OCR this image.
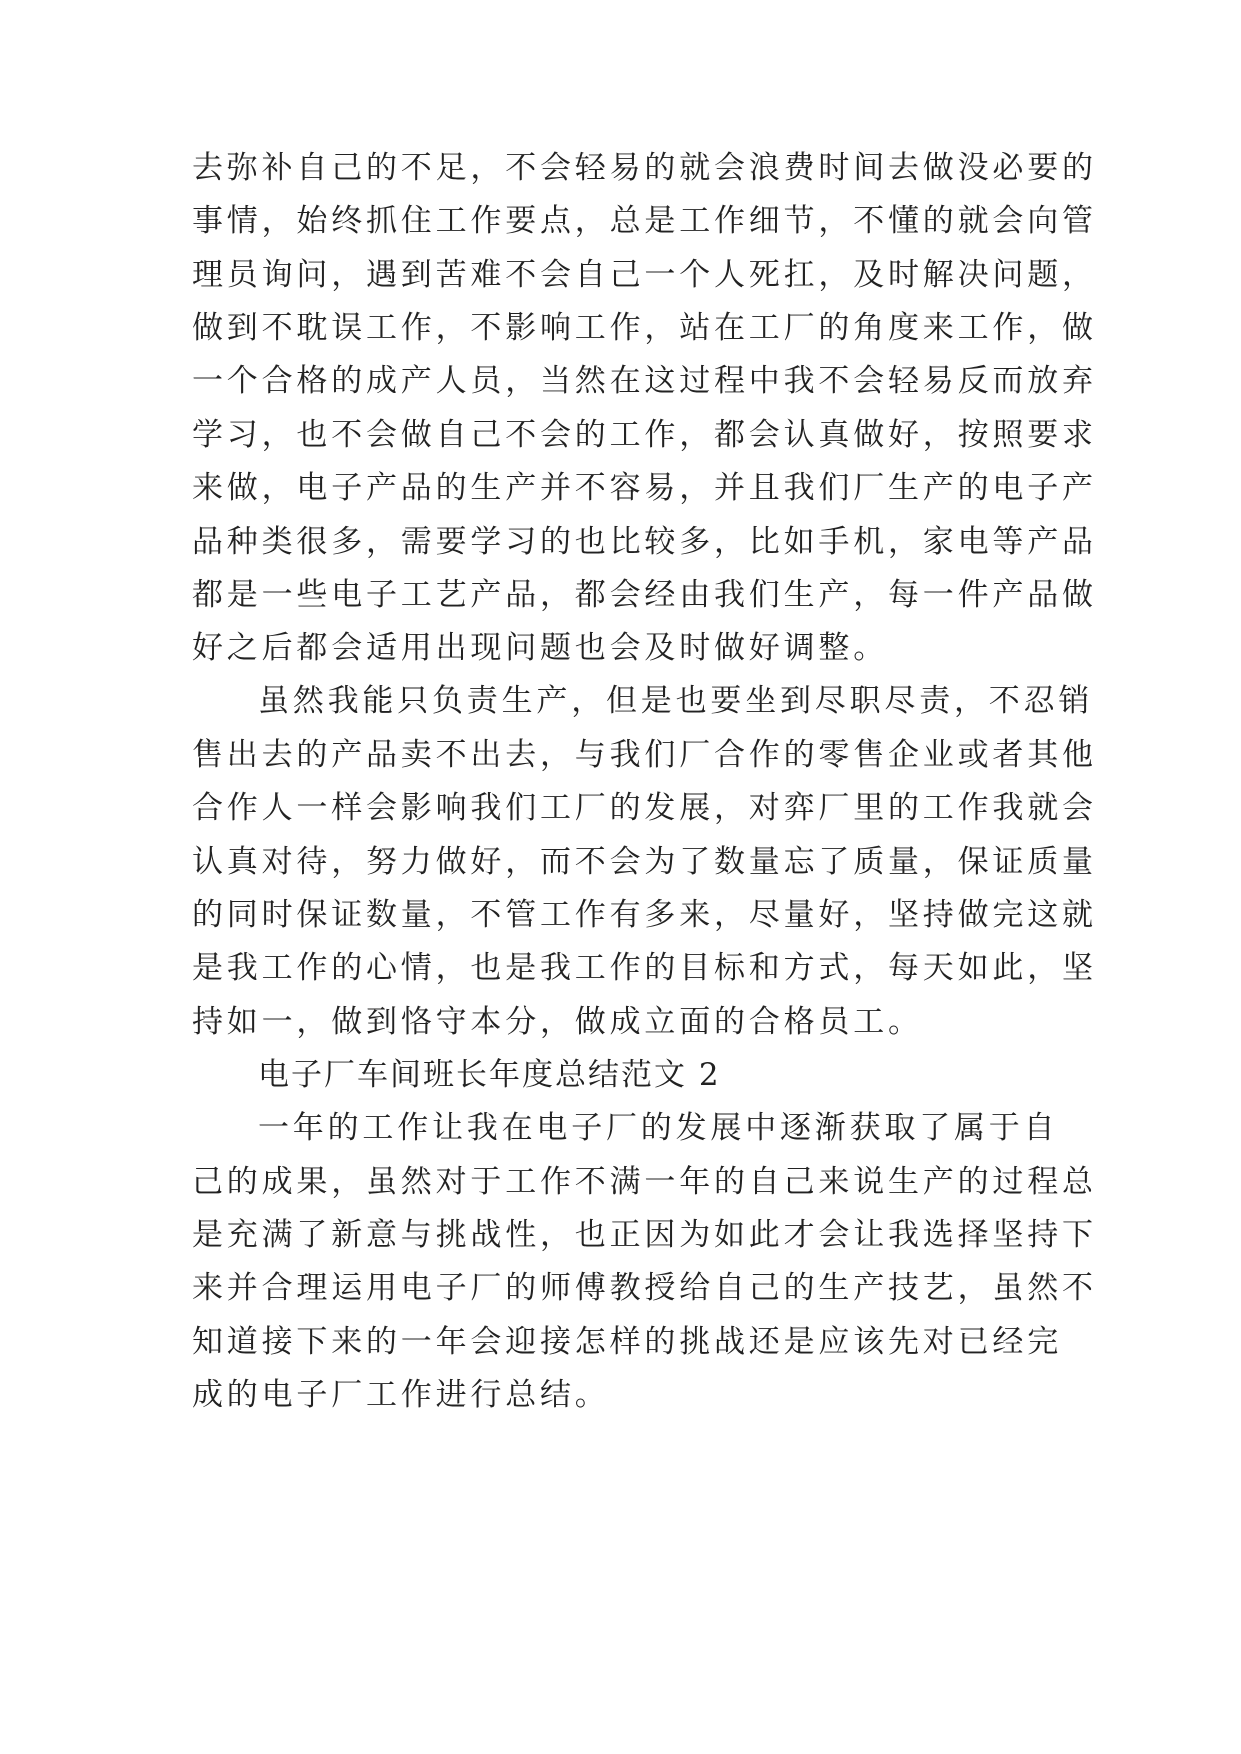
去弥补自己的不足，不会轻易的就会浪费时间去做没必要的
事情，始终抓住工作要点，总是工作细节，不懂的就会向管
理员询问，遇到苦难不会自己一个人死扛，及时解决问题，
做到不耽误工作，不影响工作，站在工厂的角度来工作，做
一个合格的成产人员，当然在这过程中我不会轻易反而放弃
学习，也不会做自己不会的工作，都会认真做好，按照要求
来做，电子产品的生产并不容易，并且我们厂生产的电子产
品种类很多，需要学习的也比较多，比如手机，家电等产品
都是一些电子工艺产品，都会经由我们生产，每一件产品做
好之后都会适用出现问题也会及时做好调整。
虽然我能只负责生产，但是也要坐到尽职尽责，不忍销
售出去的产品卖不出去，与我们厂合作的零售企业或者其他
合作人一样会影响我们工厂的发展，对弈厂里的工作我就会
认真对待，努力做好，而不会为了数量忘了质量，保证质量
的同时保证数量，不管工作有多来，尽量好，坚持做完这就
是我工作的心情，也是我工作的目标和方式，每天如此，坚
持如一，做到恪守本分，做成立面的合格员工。
电子厂车间班长年度总结范文 2
一年的工作让我在电子厂的发展中逐渐获取了属于自
己的成果，虽然对于工作不满一年的自己来说生产的过程总
是充满了新意与挑战性，也正因为如此才会让我选择坚持下
来并合理运用电子厂的师傅教授给自己的生产技艺，虽然不
知道接下来的一年会迎接怎样的挑战还是应该先对已经完
成的电子厂工作进行总结。
